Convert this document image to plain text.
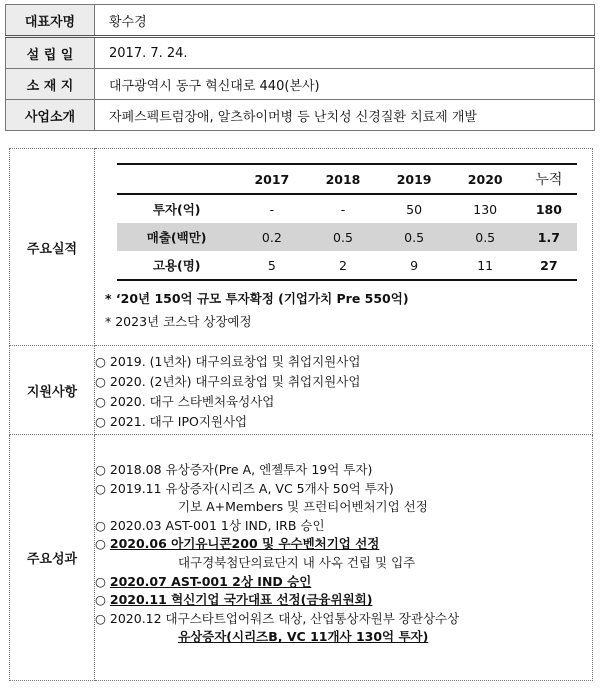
대표자명	황수경
설 립 일	2017. 7. 24.
소 재 지	대구광역시 동구 혁신대로 440(본사)
사업소개	자폐스펙트럼장애, 알츠하이머병 등 난치성 신경질환 치료제 개발
주요실적	
	2017	2018	2019	2020	누적
투자(억)	-	-	50	130	180
매출(백만)	0.2	0.5	0.5	0.5	1.7
고용(명)	5	2	9	11	27
* ‘20년 150억 규모 투자확정 (기업가치 Pre 550억)
* 2023년 코스닥 상장예정

지원사항	
○ 2019. (1년차) 대구의료창업 및 취업지원사업
○ 2020. (2년차) 대구의료창업 및 취업지원사업
○ 2020. 대구 스타벤처육성사업
○ 2021. 대구 IPO지원사업

주요성과	
○ 2018.08 유상증자(Pre A, 엔젤투자 19억 투자)
○ 2019.11 유상증자(시리즈 A, VC 5개사 50억 투자)
기보 A+Members 및 프런티어벤처기업 선정
○ 2020.03 AST-001 1상 IND, IRB 승인
○ 2020.06 아기유니콘200 및 우수벤처기업 선정
대구경북첨단의료단지 내 사옥 건립 및 입주
○ 2020.07 AST-001 2상 IND 승인
○ 2020.11 혁신기업 국가대표 선정(금융위원회)
○ 2020.12 대구스타트업어워즈 대상, 산업통상자원부 장관상수상
유상증자(시리즈B, VC 11개사 130억 투자)
